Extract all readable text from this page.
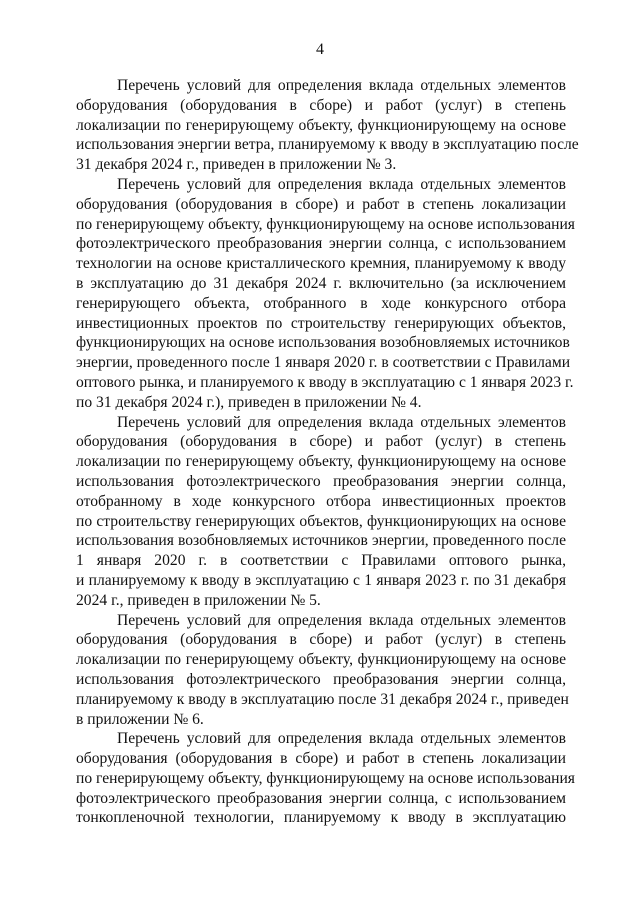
4

Перечень условий для определения вклада отдельных элементов
оборудования (оборудования в сборе) и работ (услуг) в степень
локализации по генерирующему объекту, функционирующему на основе
использования энергии ветра, планируемому к вводу в эксплуатацию после
31 декабря 2024 г., приведен в приложении № 3.

Перечень условий для определения вклада отдельных элементов
оборудования (оборудования в сборе) и работ в степень локализации
по генерирующему объекту, функционирующему на основе использования
фотоэлектрического преобразования энергии солнца, с использованием
технологии на основе кристаллического кремния, планируемому к вводу
в эксплуатацию до 31 декабря 2024 г. включительно (за исключением
генерирующего объекта, отобранного в ходе конкурсного отбора
инвестиционных проектов по строительству генерирующих объектов,
функционирующих на основе использования возобновляемых источников
энергии, проведенного после 1 января 2020 г. в соответствии с Правилами
оптового рынка, и планируемого к вводу в эксплуатацию с 1 января 2023 г.
по 31 декабря 2024 г.), приведен в приложении № 4.

Перечень условий для определения вклада отдельных элементов
оборудования (оборудования в сборе) и работ (услуг) в степень
локализации по генерирующему объекту, функционирующему на основе
использования фотоэлектрического преобразования энергии солнца,
отобранному в ходе конкурсного отбора инвестиционных проектов
по строительству генерирующих объектов, функционирующих на основе
использования возобновляемых источников энергии, проведенного после
1 января 2020 г. в соответствии с Правилами оптового рынка,
и планируемому к вводу в эксплуатацию с 1 января 2023 г. по 31 декабря
2024 г., приведен в приложении № 5.

Перечень условий для определения вклада отдельных элементов
оборудования (оборудования в сборе) и работ (услуг) в степень
локализации по генерирующему объекту, функционирующему на основе
использования фотоэлектрического преобразования энергии солнца,
планируемому к вводу в эксплуатацию после 31 декабря 2024 г., приведен
в приложении № 6.

Перечень условий для определения вклада отдельных элементов
оборудования (оборудования в сборе) и работ в степень локализации
по генерирующему объекту, функционирующему на основе использования
фотоэлектрического преобразования энергии солнца, с использованием
тонкопленочной технологии, планируемому к вводу в эксплуатацию
